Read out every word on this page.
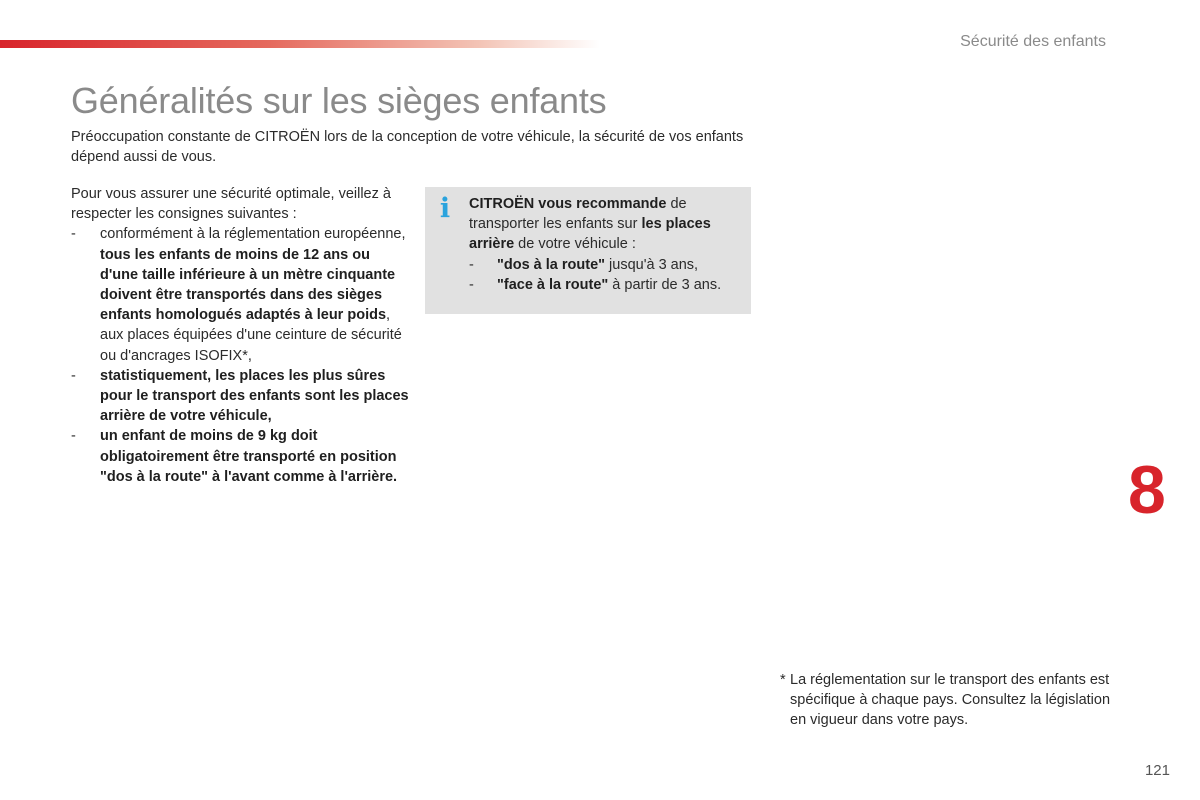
Sécurité des enfants
Généralités sur les sièges enfants

Préoccupation constante de CITROËN lors de la conception de votre véhicule, la sécurité de vos enfants dépend aussi de vous.

Pour vous assurer une sécurité optimale, veillez à respecter les consignes suivantes :

-	conformément à la réglementation européenne, tous les enfants de moins de 12 ans ou d'une taille inférieure à un mètre cinquante doivent être transportés dans des sièges enfants homologués adaptés à leur poids, aux places équipées d'une ceinture de sécurité ou d'ancrages ISOFIX*,
-	statistiquement, les places les plus sûres pour le transport des enfants sont les places arrière de votre véhicule,
-	un enfant de moins de 9 kg doit obligatoirement être transporté en position "dos à la route" à l'avant comme à l'arrière.
i CITROËN vous recommande de transporter les enfants sur les places arrière de votre véhicule :
-	"dos à la route" jusqu'à 3 ans,
-	"face à la route" à partir de 3 ans.
8
* La réglementation sur le transport des enfants est spécifique à chaque pays. Consultez la législation en vigueur dans votre pays.
121
